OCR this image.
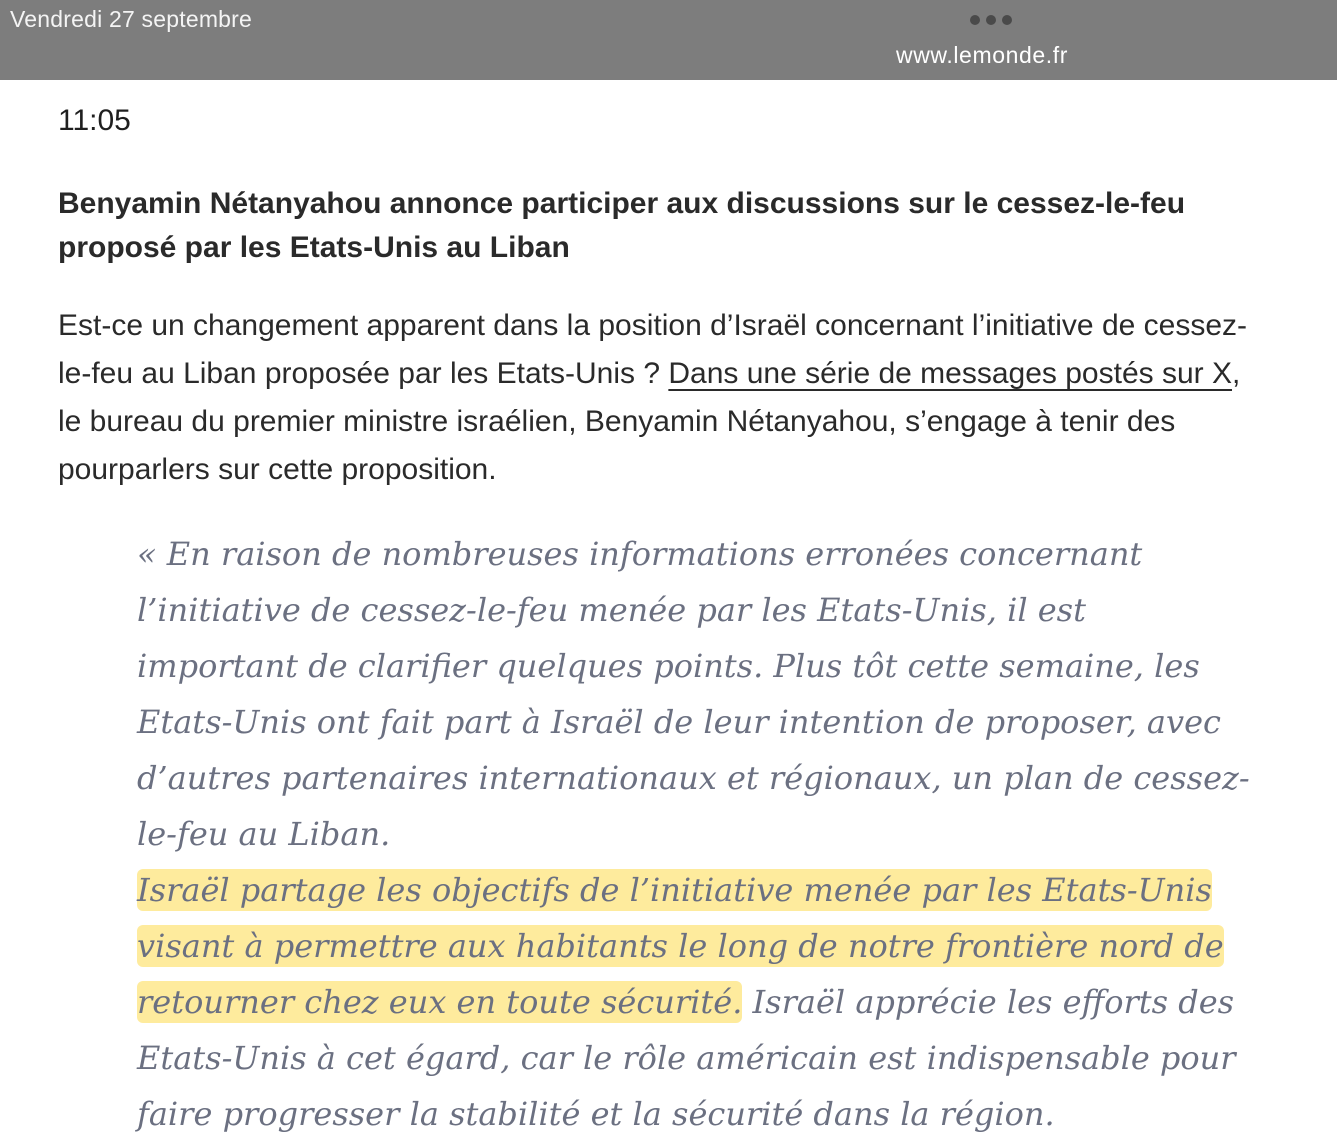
Vendredi 27 septembre
www.lemonde.fr
11:05
Benyamin Nétanyahou annonce participer aux discussions sur le cessez-le-feu proposé par les Etats-Unis au Liban

Est-ce un changement apparent dans la position d’Israël concernant l’initiative de cessez-le-feu au Liban proposée par les Etats-Unis ? Dans une série de messages postés sur X, le bureau du premier ministre israélien, Benyamin Nétanyahou, s’engage à tenir des pourparlers sur cette proposition.

« En raison de nombreuses informations erronées concernant l’initiative de cessez-le-feu menée par les Etats-Unis, il est important de clarifier quelques points. Plus tôt cette semaine, les Etats-Unis ont fait part à Israël de leur intention de proposer, avec d’autres partenaires internationaux et régionaux, un plan de cessez-le-feu au Liban.

Israël partage les objectifs de l’initiative menée par les Etats-Unis visant à permettre aux habitants le long de notre frontière nord de retourner chez eux en toute sécurité. Israël apprécie les efforts des Etats-Unis à cet égard, car le rôle américain est indispensable pour faire progresser la stabilité et la sécurité dans la région.
